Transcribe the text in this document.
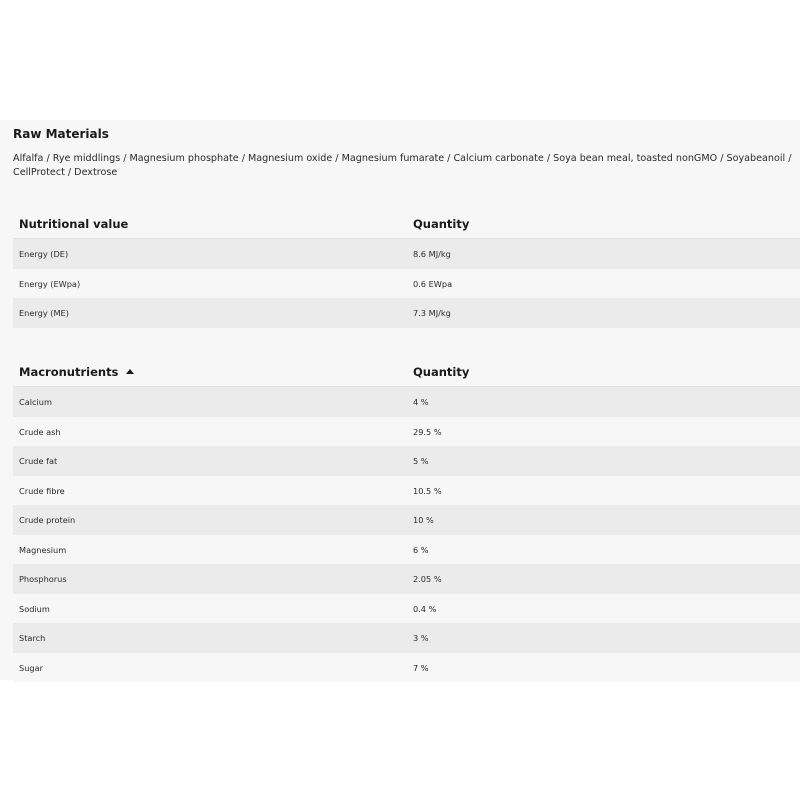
Raw Materials

Alfalfa / Rye middlings / Magnesium phosphate / Magnesium oxide / Magnesium fumarate / Calcium carbonate / Soya bean meal, toasted nonGMO / Soyabeanoil / CellProtect / Dextrose

Nutritional value	Quantity
Energy (DE)	8.6 MJ/kg
Energy (EWpa)	0.6 EWpa
Energy (ME)	7.3 MJ/kg
Macronutrients	Quantity
Calcium	4 %
Crude ash	29.5 %
Crude fat	5 %
Crude fibre	10.5 %
Crude protein	10 %
Magnesium	6 %
Phosphorus	2.05 %
Sodium	0.4 %
Starch	3 %
Sugar	7 %
